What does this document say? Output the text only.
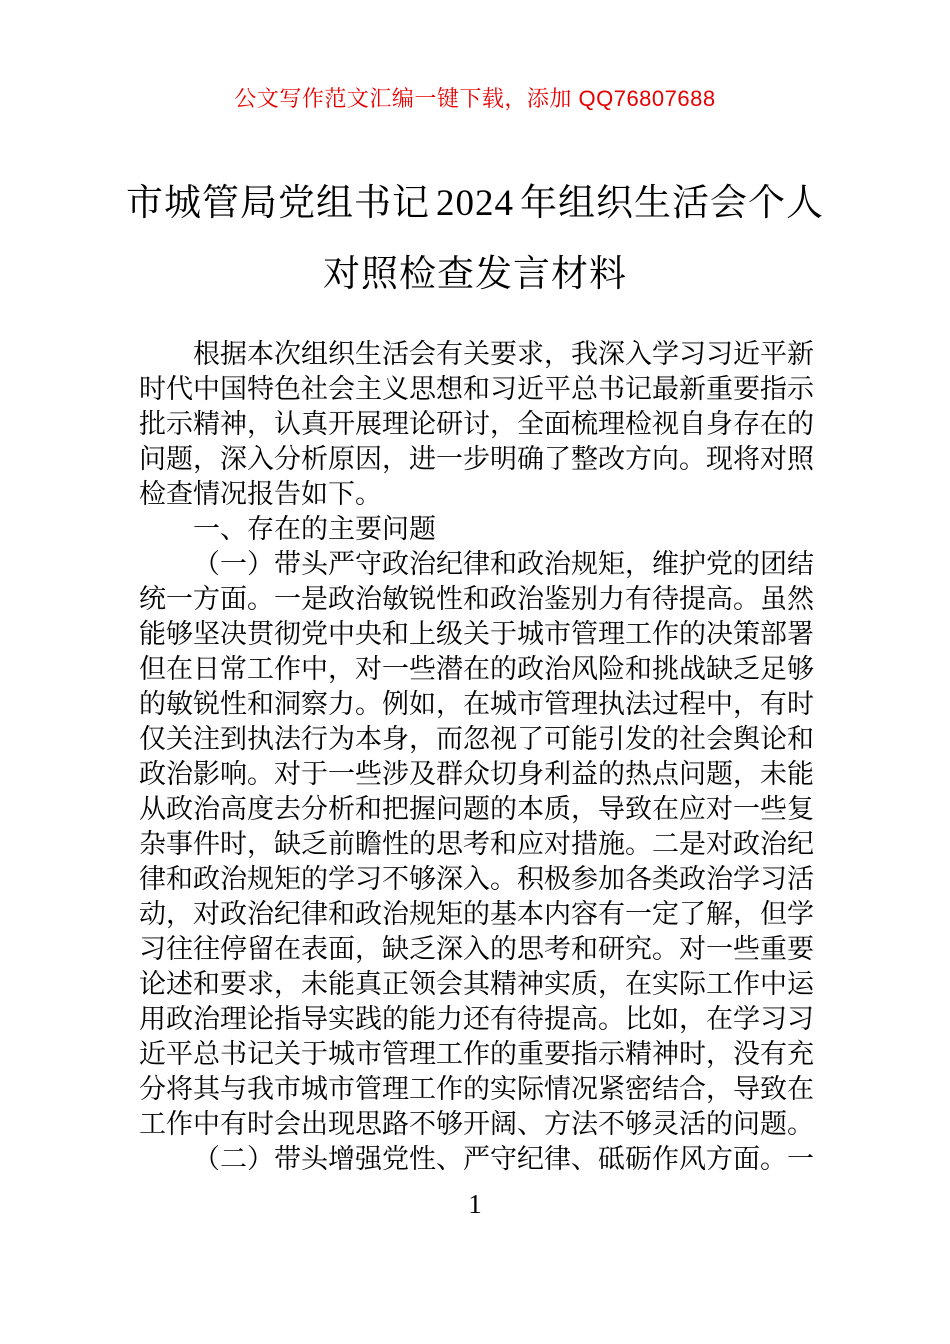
公文写作范文汇编一键下载，添加 QQ76807688
市城管局党组书记 2024 年组织生活会个人
对照检查发言材料
根据本次组织生活会有关要求，我深入学习习近平新
时代中国特色社会主义思想和习近平总书记最新重要指示
批示精神，认真开展理论研讨，全面梳理检视自身存在的
问题，深入分析原因，进一步明确了整改方向。现将对照
检查情况报告如下。
一、存在的主要问题
（一）带头严守政治纪律和政治规矩，维护党的团结
统一方面。一是政治敏锐性和政治鉴别力有待提高。虽然
能够坚决贯彻党中央和上级关于城市管理工作的决策部署
但在日常工作中，对一些潜在的政治风险和挑战缺乏足够
的敏锐性和洞察力。例如，在城市管理执法过程中，有时
仅关注到执法行为本身，而忽视了可能引发的社会舆论和
政治影响。对于一些涉及群众切身利益的热点问题，未能
从政治高度去分析和把握问题的本质，导致在应对一些复
杂事件时，缺乏前瞻性的思考和应对措施。二是对政治纪
律和政治规矩的学习不够深入。积极参加各类政治学习活
动，对政治纪律和政治规矩的基本内容有一定了解，但学
习往往停留在表面，缺乏深入的思考和研究。对一些重要
论述和要求，未能真正领会其精神实质，在实际工作中运
用政治理论指导实践的能力还有待提高。比如，在学习习
近平总书记关于城市管理工作的重要指示精神时，没有充
分将其与我市城市管理工作的实际情况紧密结合，导致在
工作中有时会出现思路不够开阔、方法不够灵活的问题。
（二）带头增强党性、严守纪律、砥砺作风方面。一
1
